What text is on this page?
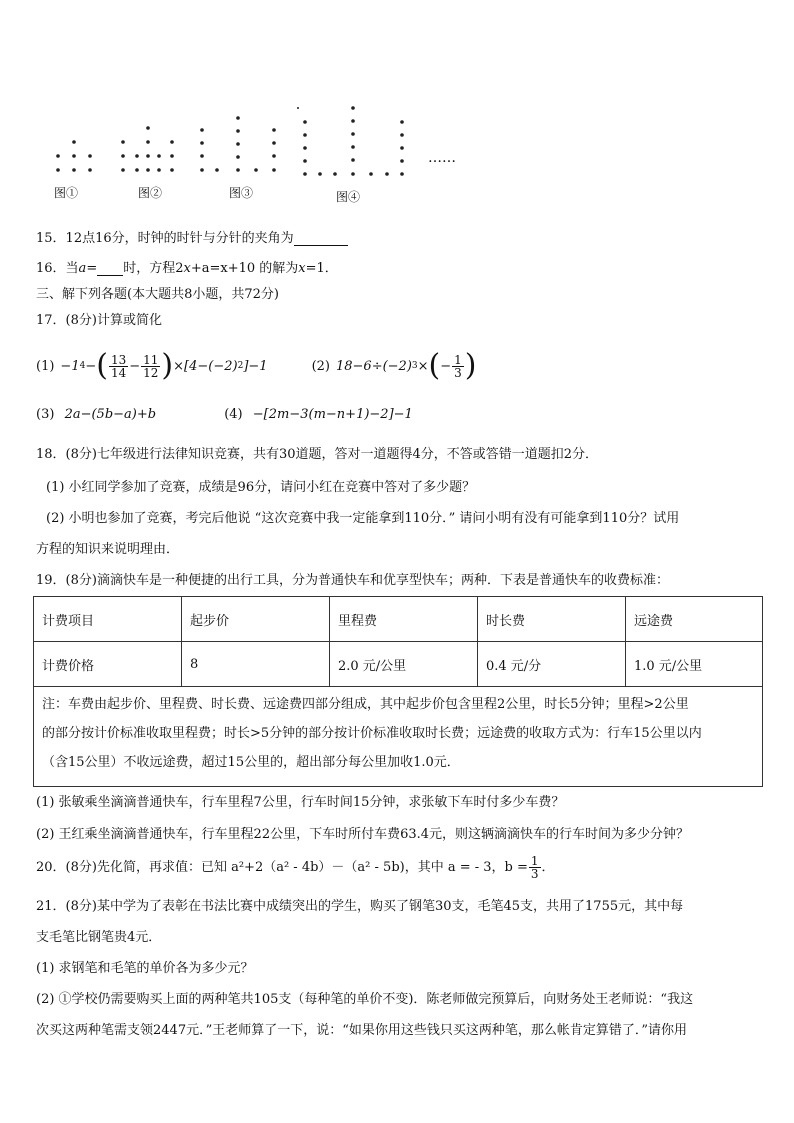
……
图①	图②	图③	图④
15．12点16分，时钟的时针与分针的夹角为
16．当a= 时，方程2x+a=x+10 的解为x=1．
三、解下列各题(本大题共8小题，共72分)
17．(8分)计算或简化
(1) −1 4 − ( $\frac{13}{14} - \frac{11}{12}$ ) ×[4−(−2) 2 ]−1	(2) 18−6÷(−2) 3 × ( − $\frac{1}{3}$ )
(3) 2a−(5b−a)+b	(4) −[2m−3(m−n+1)−2]−1
18．(8分)七年级进行法律知识竞赛，共有30道题，答对一道题得4分，不答或答错一道题扣2分．
(1) 小红同学参加了竞赛，成绩是96分，请问小红在竞赛中答对了多少题？
(2) 小明也参加了竞赛，考完后他说 “这次竞赛中我一定能拿到110分．” 请问小明有没有可能拿到110分？试用
方程的知识来说明理由．
19．(8分)滴滴快车是一种便捷的出行工具，分为普通快车和优享型快车；两种．下表是普通快车的收费标准：
计费项目	起步价	里程费	时长费	远途费
计费价格	8	2.0 元/公里	0.4 元/分	1.0 元/公里
注：车费由起步价、里程费、时长费、远途费四部分组成，其中起步价包含里程2公里，时长5分钟；里程>2公里
的部分按计价标准收取里程费；时长>5分钟的部分按计价标准收取时长费；远途费的收取方式为：行车15公里以内
（含15公里）不收远途费，超过15公里的，超出部分每公里加收1.0元．
(1) 张敏乘坐滴滴普通快车，行车里程7公里，行车时间15分钟，求张敏下车时付多少车费？
(2) 王红乘坐滴滴普通快车，行车里程22公里，下车时所付车费63.4元，则这辆滴滴快车的行车时间为多少分钟？
20．(8分)先化简，再求值：已知 a²+2（a² - 4b）－（a² - 5b)，其中 a = - 3，$b = \frac{1}{3}$ ．
21．(8分)某中学为了表彰在书法比赛中成绩突出的学生，购买了钢笔30支，毛笔45支，共用了1755元，其中每
支毛笔比钢笔贵4元．
(1) 求钢笔和毛笔的单价各为多少元？
(2) ①学校仍需要购买上面的两种笔共105支（每种笔的单价不变)．陈老师做完预算后，向财务处王老师说：“我这
次买这两种笔需支领2447元．”王老师算了一下，说：“如果你用这些钱只买这两种笔，那么帐肯定算错了．”请你用
